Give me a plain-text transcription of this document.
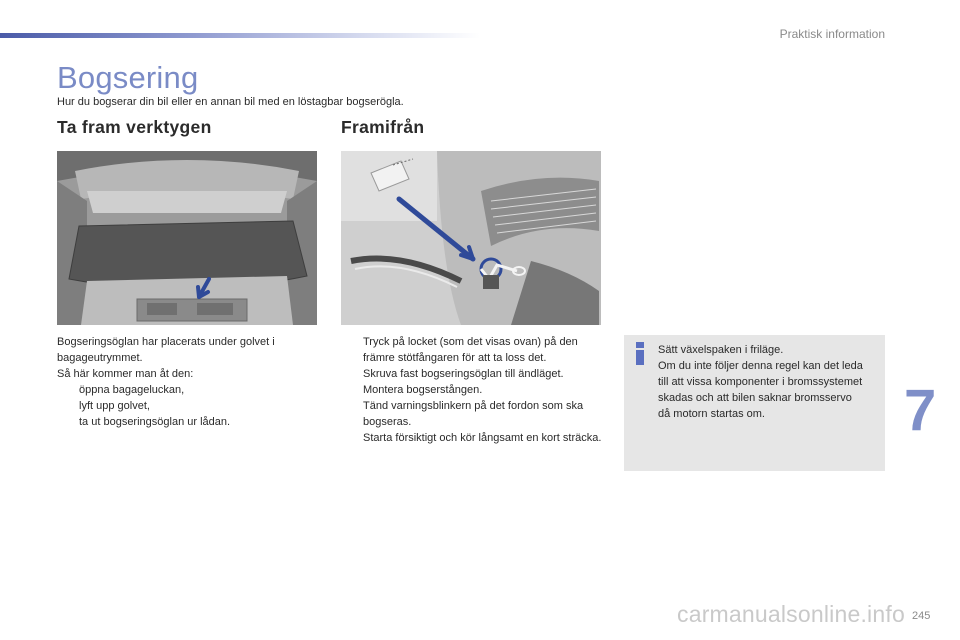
Praktisk information
Bogsering
Hur du bogserar din bil eller en annan bil med en löstagbar bogserögla.
Ta fram verktygen	Framifrån
Bogseringsöglan har placerats under golvet i
bagageutrymmet.
Så här kommer man åt den:
öppna bagageluckan,
lyft upp golvet,
ta ut bogseringsöglan ur lådan.
Tryck på locket (som det visas ovan) på den främre stötfångaren för att ta loss det.
Skruva fast bogseringsöglan till ändläget.
Montera bogserstången.
Tänd varningsblinkern på det fordon som ska bogseras.
Starta försiktigt och kör långsamt en kort sträcka.
Sätt växelspaken i friläge.
Om du inte följer denna regel kan det leda
till att vissa komponenter i bromssystemet
skadas och att bilen saknar bromsservo
då motorn startas om.	7
carmanualsonline.info 245
